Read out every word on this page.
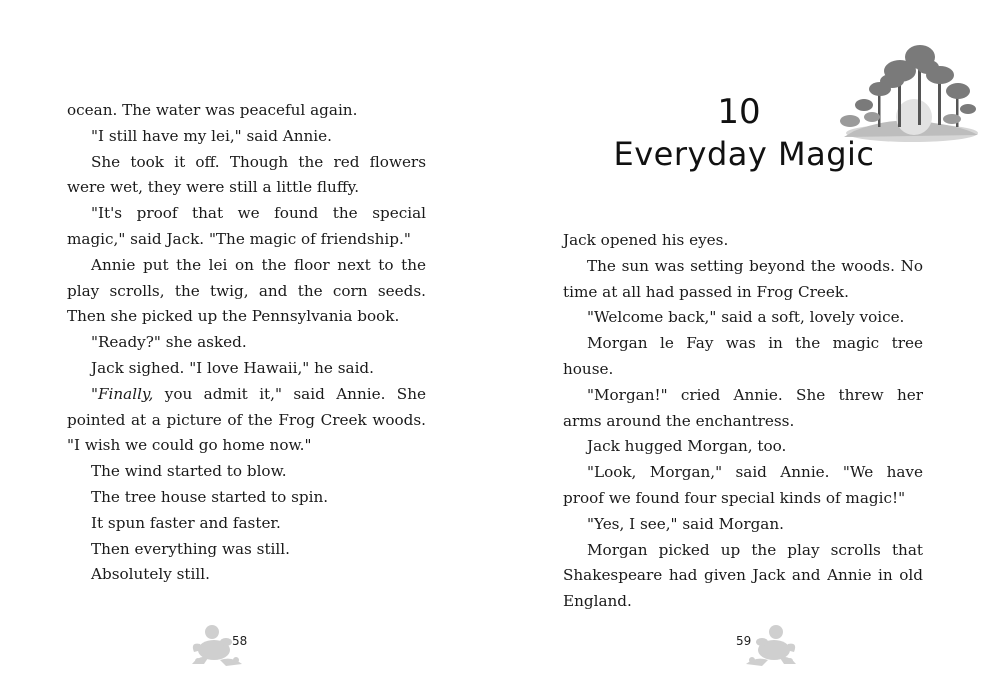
ocean. The water was peaceful again.

"I still have my lei," said Annie.

She took it off. Though the red flowers were wet, they were still a little fluffy.

"It's proof that we found the special magic," said Jack. "The magic of friendship."

Annie put the lei on the floor next to the play scrolls, the twig, and the corn seeds. Then she picked up the Pennsylvania book.

"Ready?" she asked.

Jack sighed. "I love Hawaii," he said.

"Finally, you admit it," said Annie. She pointed at a picture of the Frog Creek woods. "I wish we could go home now."

The wind started to blow.

The tree house started to spin.

It spun faster and faster.

Then everything was still.

Absolutely still.

58
10
Everyday Magic

Jack opened his eyes.

The sun was setting beyond the woods. No time at all had passed in Frog Creek.

"Welcome back," said a soft, lovely voice.

Morgan le Fay was in the magic tree house.

"Morgan!" cried Annie. She threw her arms around the enchantress.

Jack hugged Morgan, too.

"Look, Morgan," said Annie. "We have proof we found four special kinds of magic!"

"Yes, I see," said Morgan.

Morgan picked up the play scrolls that Shakespeare had given Jack and Annie in old England.

59
